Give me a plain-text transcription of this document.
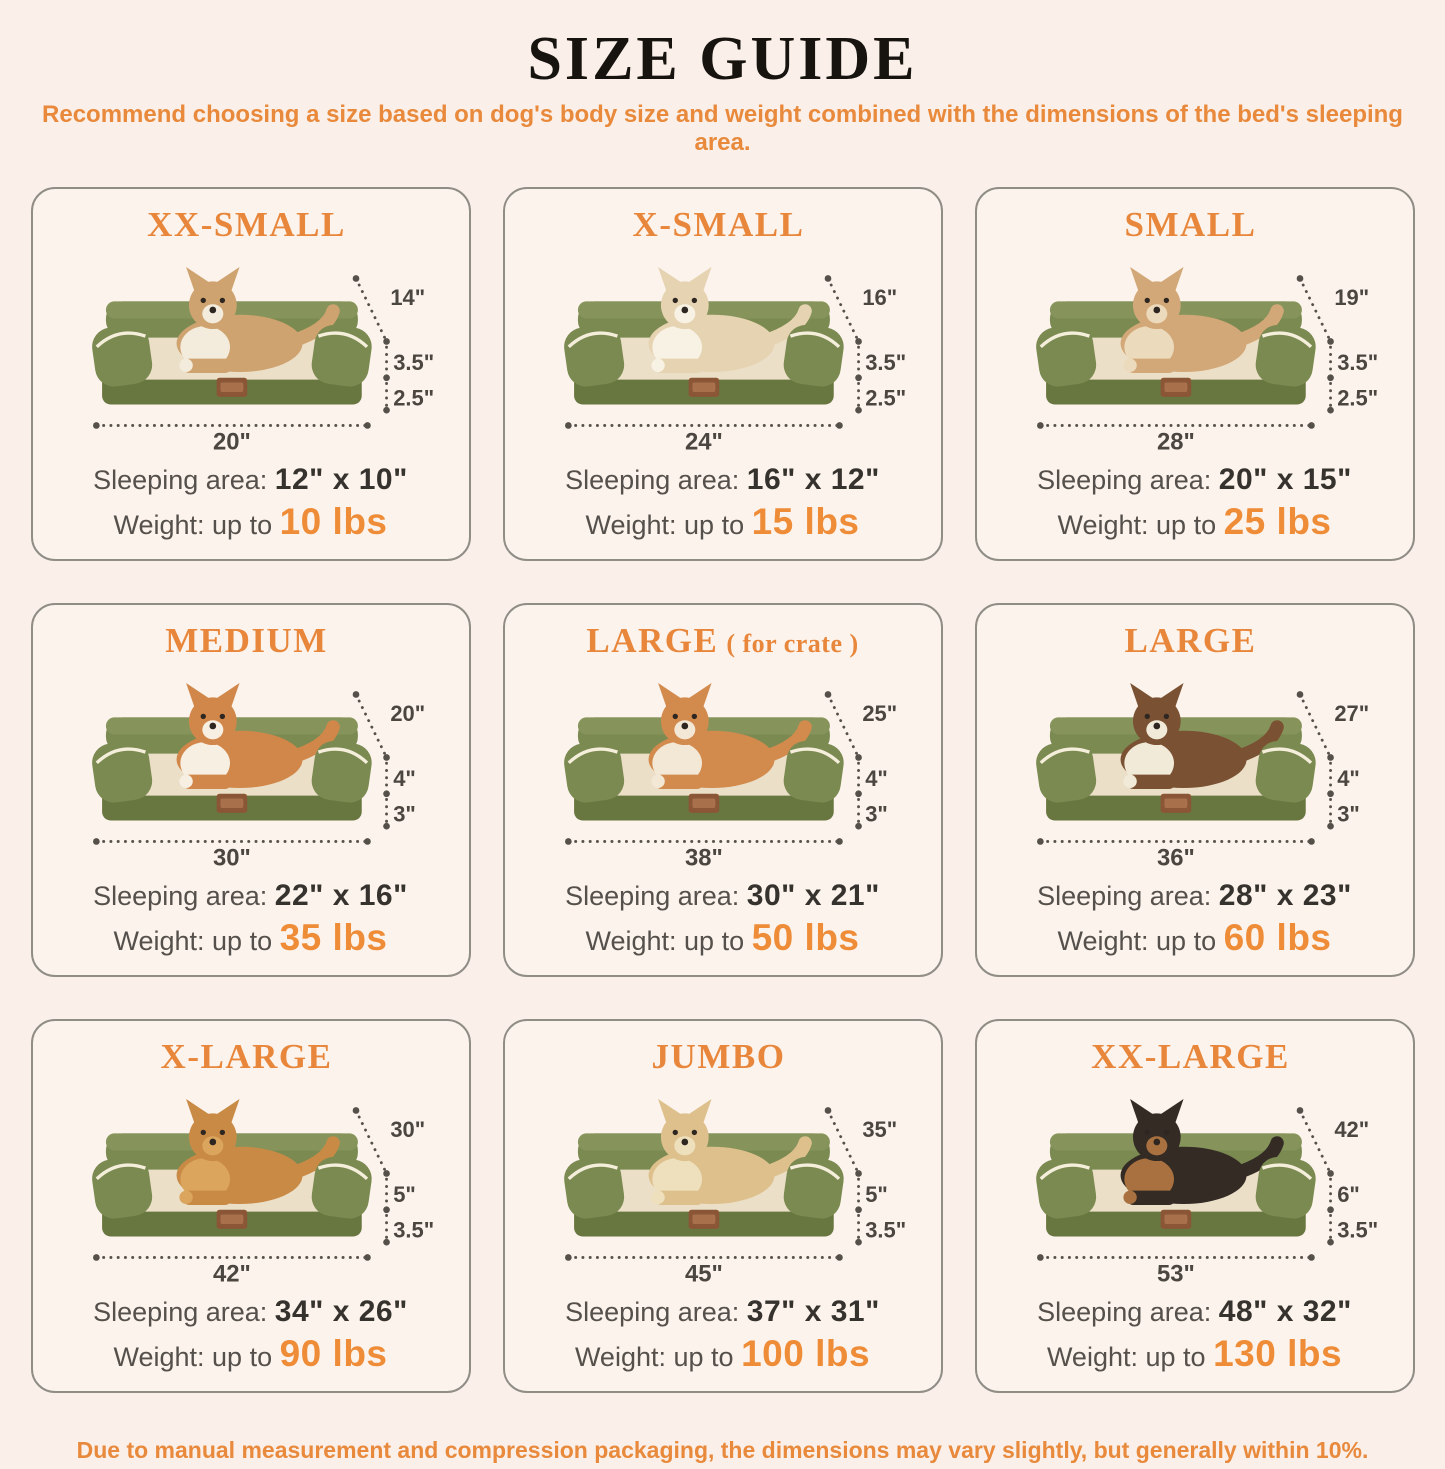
SIZE GUIDE

Recommend choosing a size based on dog's body size and weight combined with the dimensions of the bed's sleeping area.

XX-SMALL
14"
3.5"
2.5"
20"

Sleeping area: 12" x 10"

Weight: up to 10 lbs

X-SMALL
16"
3.5"
2.5"
24"

Sleeping area: 16" x 12"

Weight: up to 15 lbs

SMALL
19"
3.5"
2.5"
28"

Sleeping area: 20" x 15"

Weight: up to 25 lbs

MEDIUM
20"
4"
3"
30"

Sleeping area: 22" x 16"

Weight: up to 35 lbs

LARGE ( for crate )
25"
4"
3"
38"

Sleeping area: 30" x 21"

Weight: up to 50 lbs

LARGE
27"
4"
3"
36"

Sleeping area: 28" x 23"

Weight: up to 60 lbs

X-LARGE
30"
5"
3.5"
42"

Sleeping area: 34" x 26"

Weight: up to 90 lbs

JUMBO
35"
5"
3.5"
45"

Sleeping area: 37" x 31"

Weight: up to 100 lbs

XX-LARGE
42"
6"
3.5"
53"

Sleeping area: 48" x 32"

Weight: up to 130 lbs

Due to manual measurement and compression packaging, the dimensions may vary slightly, but generally within 10%.
